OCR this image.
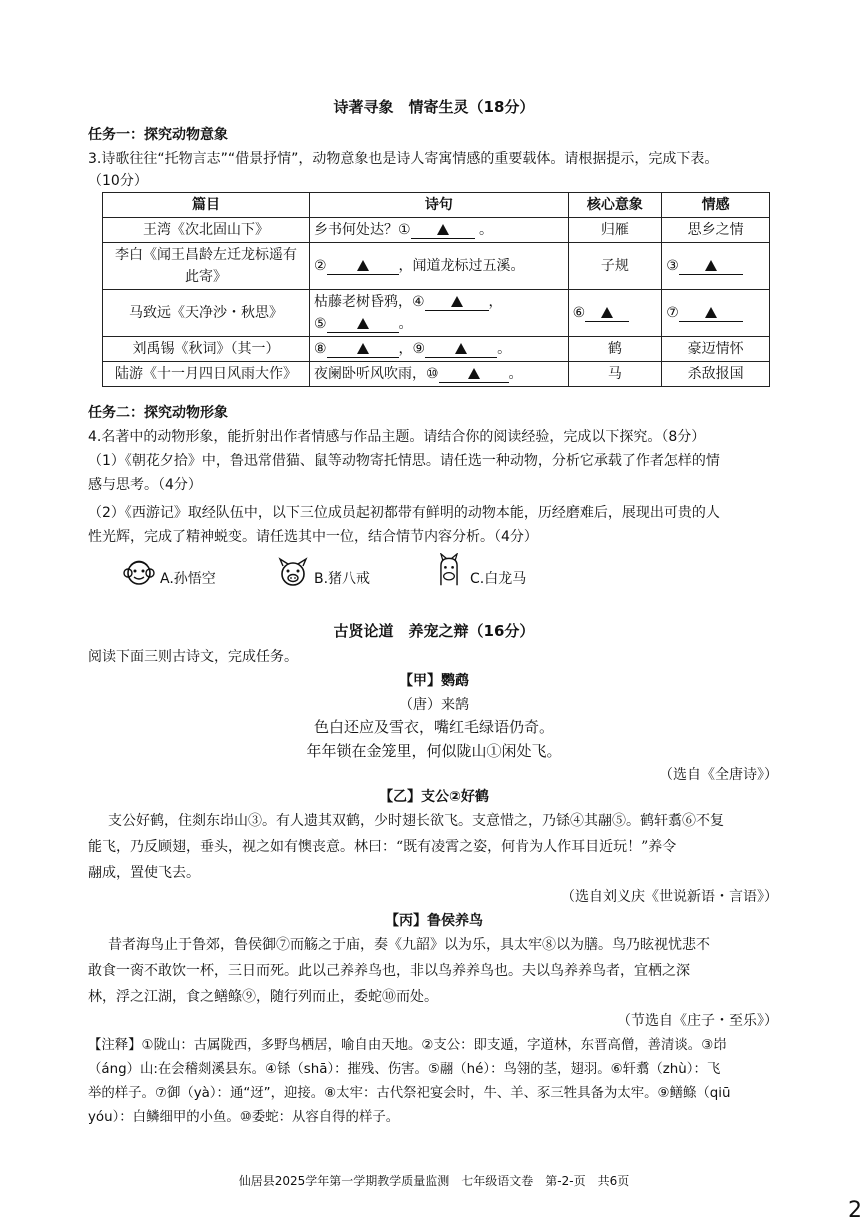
诗著寻象　情寄生灵（18分）
任务一：探究动物意象
3.诗歌往往“托物言志”“借景抒情”，动物意象也是诗人寄寓情感的重要载体。请根据提示，完成下表。
（10分）
篇目	诗句	核心意象	情感
王湾《次北固山下》	乡书何处达？① 。	归雁	思乡之情

李白《闻王昌龄左迁龙标遥有
此寄》	② ，闻道龙标过五溪。	子规	③
马致远《天净沙・秋思》	枯藤老树昏鸦，④ ，
⑤ 。	⑥	⑦
刘禹锡《秋词》（其一）	⑧ ，⑨ 。	鹤	豪迈情怀
陆游《十一月四日风雨大作》	夜阑卧听风吹雨，⑩ 。	马	杀敌报国
任务二：探究动物形象
4.名著中的动物形象，能折射出作者情感与作品主题。请结合你的阅读经验，完成以下探究。（8分）
（1）《朝花夕拾》中，鲁迅常借猫、鼠等动物寄托情思。请任选一种动物，分析它承载了作者怎样的情
感与思考。（4分）
（2）《西游记》取经队伍中，以下三位成员起初都带有鲜明的动物本能，历经磨难后，展现出可贵的人
性光辉，完成了精神蜕变。请任选其中一位，结合情节内容分析。（4分）
A.孙悟空	B.猪八戒	C.白龙马
古贤论道　养宠之辩（16分）
阅读下面三则古诗文，完成任务。
【甲】鹦鹉
（唐）来鹄
色白还应及雪衣，嘴红毛绿语仍奇。
年年锁在金笼里，何似陇山①闲处飞。
（选自《全唐诗》）
【乙】支公②好鹤
支公好鹤，住剡东岇山③。有人遗其双鹤，少时翅长欲飞。支意惜之，乃铩④其翮⑤。鹤轩翥⑥不复
能飞，乃反顾翅，垂头，视之如有懊丧意。林曰：“既有凌霄之姿，何肯为人作耳目近玩！”养令
翮成，置使飞去。
（选自刘义庆《世说新语・言语》）
【丙】鲁侯养鸟
昔者海鸟止于鲁郊，鲁侯御⑦而觞之于庙，奏《九韶》以为乐，具太牢⑧以为膳。鸟乃眩视忧悲不
敢食一脔不敢饮一杯，三日而死。此以己养养鸟也，非以鸟养养鸟也。夫以鸟养养鸟者，宜栖之深
林，浮之江湖，食之鳝鲦⑨，随行列而止，委蛇⑩而处。
（节选自《庄子・至乐》）
【注释】①陇山：古属陇西，多野鸟栖居，喻自由天地。②支公：即支遁，字道林，东晋高僧，善清谈。③岇
（áng）山:在会稽剡溪县东。④铩（shā）：摧残、伤害。⑤翮（hé）：鸟翎的茎，翅羽。⑥轩翥（zhù）：飞
举的样子。⑦御（yà）：通“迓”，迎接。⑧太牢：古代祭祀宴会时，牛、羊、豕三牲具备为太牢。⑨鳝鲦（qiū
yóu）：白鳞细甲的小鱼。⑩委蛇：从容自得的样子。
仙居县2025学年第一学期教学质量监测　七年级语文卷　第-2-页　共6页
2
